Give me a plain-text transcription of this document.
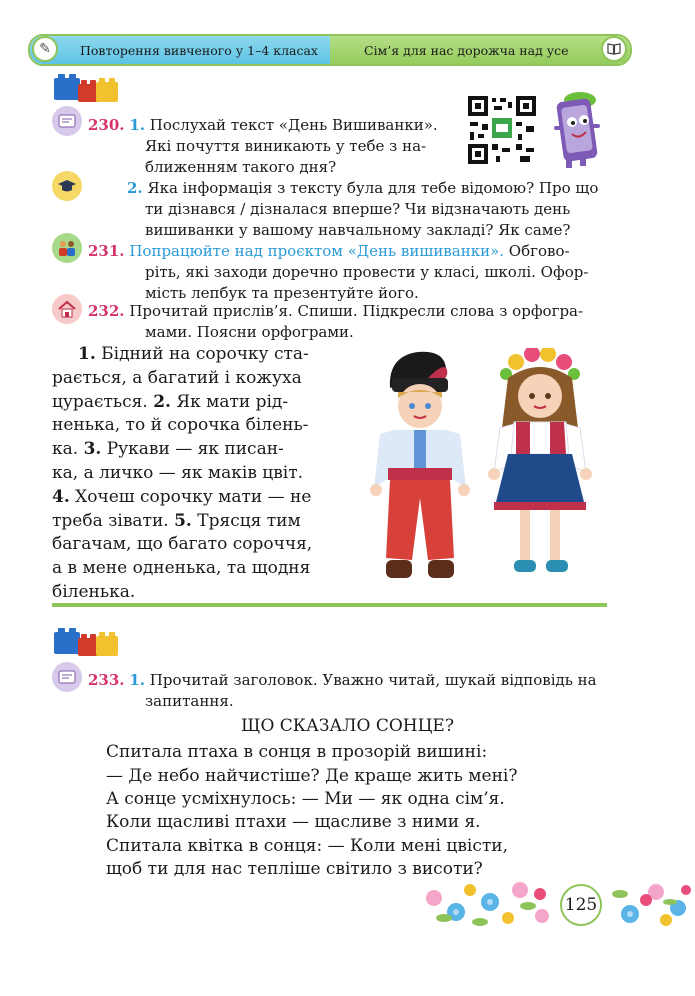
Повторення вивченого у 1–4 класах	Сім’я для нас дорожча над усе
✎
230. 1. Послухай текст «День Вишиванки».
Які почуття виникають у тебе з на-
ближенням такого дня?
2. Яка інформація з тексту була для тебе відомою? Про що
ти дізнався / дізналася вперше? Чи відзначають день
вишиванки у вашому навчальному закладі? Як саме?
231. Попрацюйте над проєктом «День вишиванки». Обгово-
ріть, які заходи доречно провести у класі, школі. Офор-
мість лепбук та презентуйте його.
232. Прочитай прислів’я. Спиши. Підкресли слова з орфогра-
мами. Поясни орфограми.
1. Бідний на сорочку ста-
рається, а багатий і кожуха
цурається. 2. Як мати рід-
ненька, то й сорочка білень-
ка. 3. Рукави — як писан-
ка, а личко — як маків цвіт.
4. Хочеш сорочку мати — не
треба зівати. 5. Трясця тим
багачам, що багато сороччя,
а в мене одненька, та щодня
біленька.
233. 1. Прочитай заголовок. Уважно читай, шукай відповідь на
запитання.
ЩО СКАЗАЛО СОНЦЕ?
Спитала птаха в сонця в прозорій вишині:
— Де небо найчистіше? Де краще жить мені?
А сонце усміхнулось: — Ми — як одна сім’я.
Коли щасливі птахи — щасливе з ними я.
Спитала квітка в сонця: — Коли мені цвісти,
щоб ти для нас тепліше світило з висоти?
125
